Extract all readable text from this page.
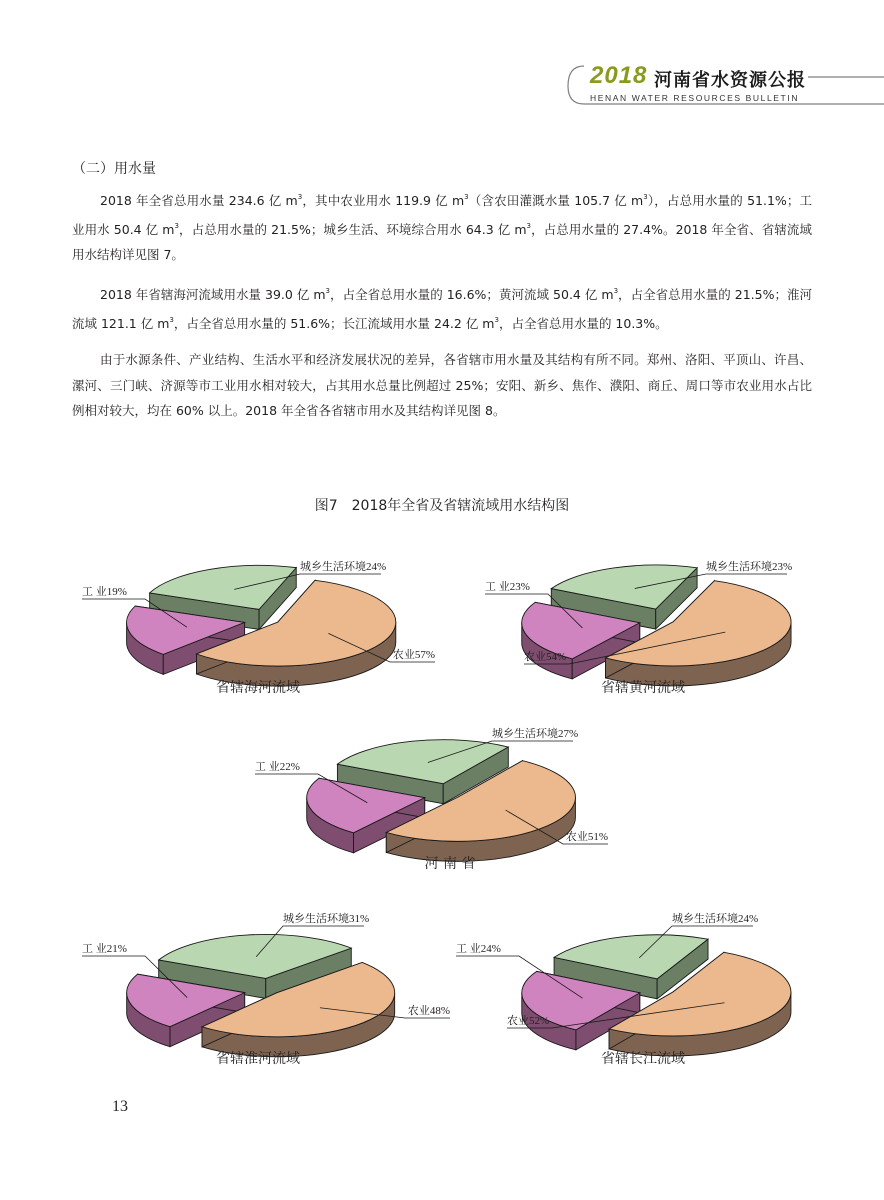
2018 河南省水资源公报
HENAN WATER RESOURCES BULLETIN
（二）用水量

2018 年全省总用水量 234.6 亿 $m^3$，其中农业用水 119.9 亿 $m^3$（含农田灌溉水量 105.7 亿 $m^3$），占总用水量的 51.1%；工业用水 50.4 亿 $m^3$，占总用水量的 21.5%；城乡生活、环境综合用水 64.3 亿 $m^3$，占总用水量的 27.4%。2018 年全省、省辖流域用水结构详见图 7。

2018 年省辖海河流域用水量 39.0 亿 $m^3$，占全省总用水量的 16.6%；黄河流域 50.4 亿 $m^3$，占全省总用水量的 21.5%；淮河流域 121.1 亿 $m^3$，占全省总用水量的 51.6%；长江流域用水量 24.2 亿 $m^3$，占全省总用水量的 10.3%。

由于水源条件、产业结构、生活水平和经济发展状况的差异，各省辖市用水量及其结构有所不同。郑州、洛阳、平顶山、许昌、漯河、三门峡、济源等市工业用水相对较大，占其用水总量比例超过 25%；安阳、新乡、焦作、濮阳、商丘、周口等市农业用水占比例相对较大，均在 60% 以上。2018 年全省各省辖市用水及其结构详见图 8。

图7　2018年全省及省辖流域用水结构图
工 业19%
城乡生活环境24%
农业57%
省辖海河流域
工 业23%
城乡生活环境23%
农业54%
省辖黄河流域
工 业22%
城乡生活环境27%
农业51%
河 南 省
工 业21%
城乡生活环境31%
农业48%
省辖淮河流域
工 业24%
城乡生活环境24%
农业52%
省辖长江流域
13
